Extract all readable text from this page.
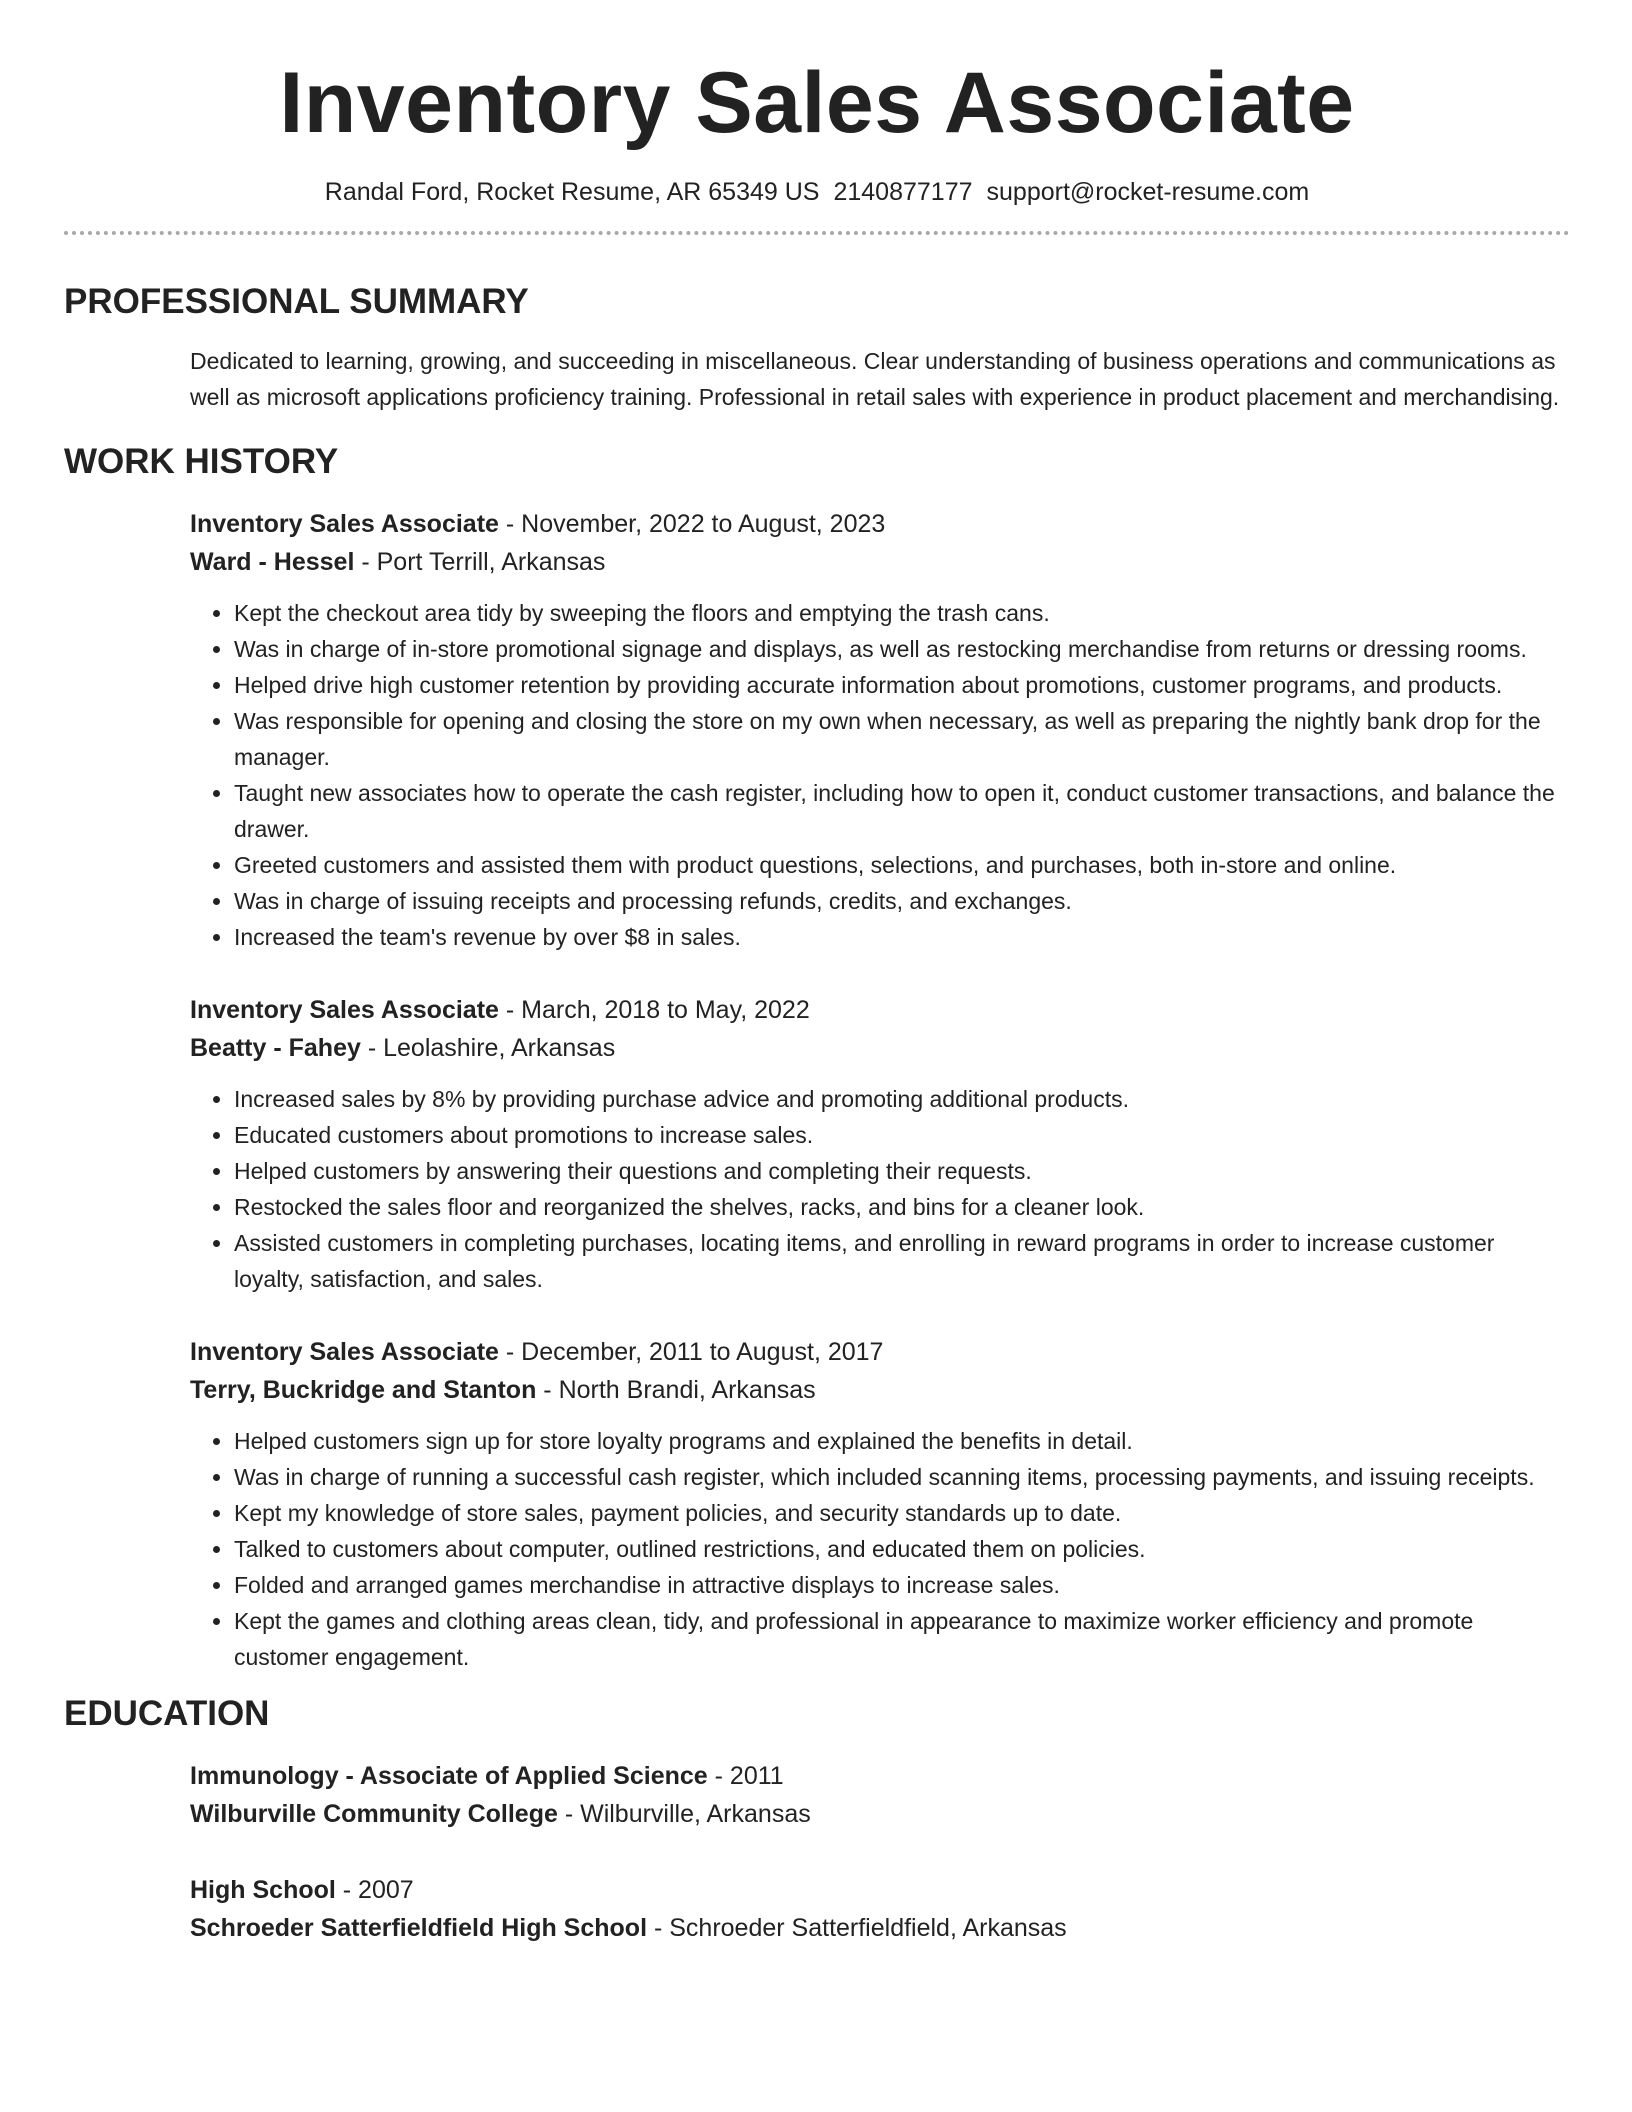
Inventory Sales Associate
Randal Ford, Rocket Resume, AR 65349 US 2140877177 support@rocket-resume.com
PROFESSIONAL SUMMARY

Dedicated to learning, growing, and succeeding in miscellaneous. Clear understanding of business operations and communications as well as microsoft applications proficiency training. Professional in retail sales with experience in product placement and merchandising.

WORK HISTORY
Inventory Sales Associate - November, 2022 to August, 2023
Ward - Hessel - Port Terrill, Arkansas
• Kept the checkout area tidy by sweeping the floors and emptying the trash cans.
• Was in charge of in-store promotional signage and displays, as well as restocking merchandise from returns or dressing rooms.
• Helped drive high customer retention by providing accurate information about promotions, customer programs, and products.
• Was responsible for opening and closing the store on my own when necessary, as well as preparing the nightly bank drop for the manager.
• Taught new associates how to operate the cash register, including how to open it, conduct customer transactions, and balance the drawer.
• Greeted customers and assisted them with product questions, selections, and purchases, both in-store and online.
• Was in charge of issuing receipts and processing refunds, credits, and exchanges.
• Increased the team's revenue by over $8 in sales.
Inventory Sales Associate - March, 2018 to May, 2022
Beatty - Fahey - Leolashire, Arkansas
• Increased sales by 8% by providing purchase advice and promoting additional products.
• Educated customers about promotions to increase sales.
• Helped customers by answering their questions and completing their requests.
• Restocked the sales floor and reorganized the shelves, racks, and bins for a cleaner look.
• Assisted customers in completing purchases, locating items, and enrolling in reward programs in order to increase customer loyalty, satisfaction, and sales.
Inventory Sales Associate - December, 2011 to August, 2017
Terry, Buckridge and Stanton - North Brandi, Arkansas
• Helped customers sign up for store loyalty programs and explained the benefits in detail.
• Was in charge of running a successful cash register, which included scanning items, processing payments, and issuing receipts.
• Kept my knowledge of store sales, payment policies, and security standards up to date.
• Talked to customers about computer, outlined restrictions, and educated them on policies.
• Folded and arranged games merchandise in attractive displays to increase sales.
• Kept the games and clothing areas clean, tidy, and professional in appearance to maximize worker efficiency and promote customer engagement.
EDUCATION
Immunology - Associate of Applied Science - 2011
Wilburville Community College - Wilburville, Arkansas
High School - 2007
Schroeder Satterfieldfield High School - Schroeder Satterfieldfield, Arkansas
